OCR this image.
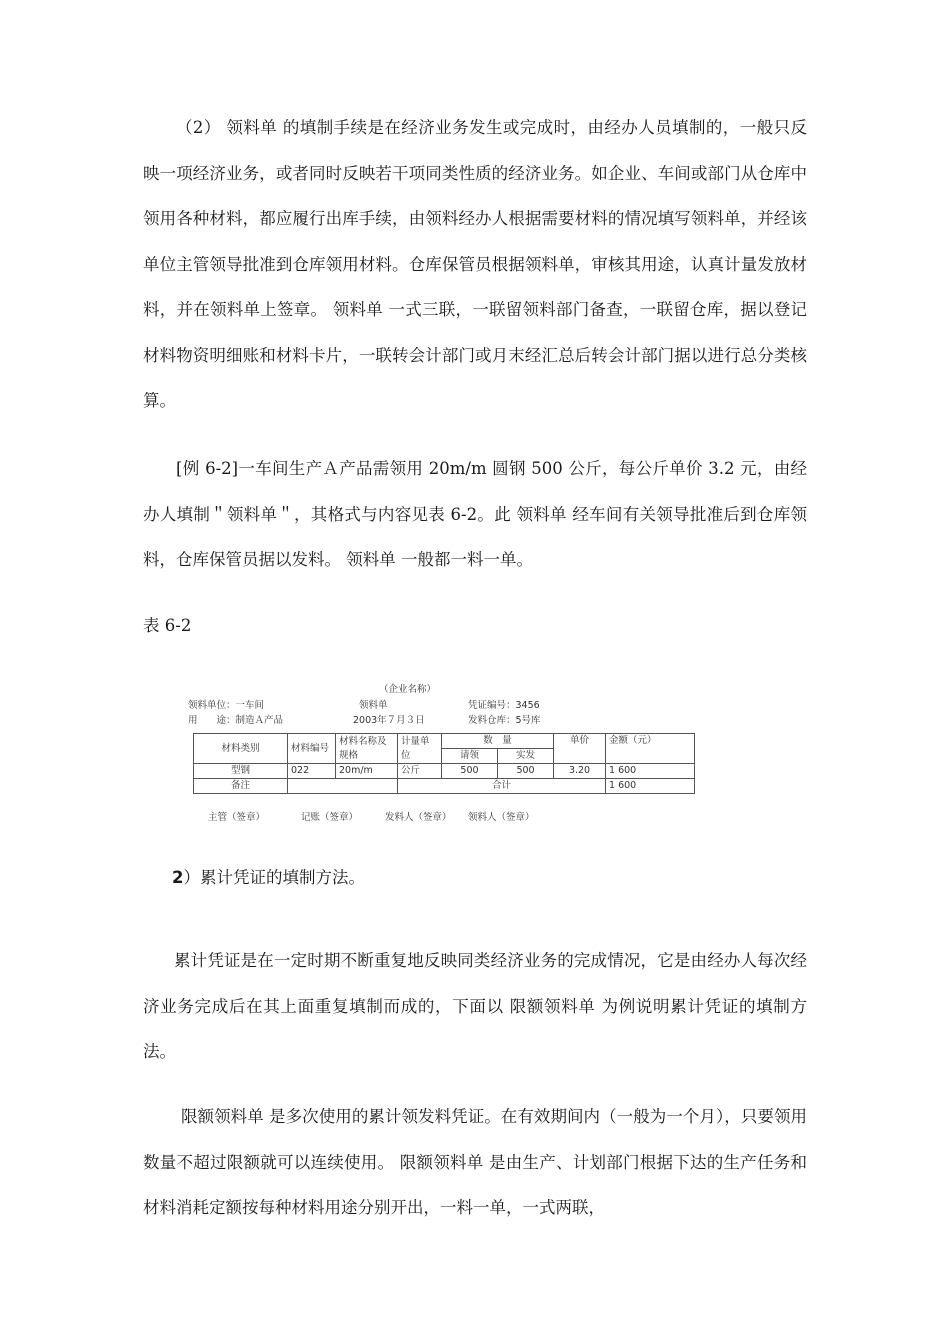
（2） 领料单 的填制手续是在经济业务发生或完成时，由经办人员填制的，一般只反映一项经济业务，或者同时反映若干项同类性质的经济业务。如企业、车间或部门从仓库中领用各种材料，都应履行出库手续，由领料经办人根据需要材料的情况填写领料单，并经该单位主管领导批准到仓库领用材料。仓库保管员根据领料单，审核其用途，认真计量发放材料，并在领料单上签章。 领料单 一式三联，一联留领料部门备查，一联留仓库，据以登记材料物资明细账和材料卡片，一联转会计部门或月末经汇总后转会计部门据以进行总分类核算。

[例 6-2]一车间生产Ａ产品需领用 20m/m 圆钢 500 公斤，每公斤单价 3.2 元，由经办人填制＂领料单＂，其格式与内容见表 6-2。此 领料单 经车间有关领导批准后到仓库领料，仓库保管员据以发料。 领料单 一般都一料一单。

表 6-2

（企业名称）
领料单位：一车间	领料单	凭证编号：3456
用　　途：制造Ａ产品	2003年７月３日	发料仓库：5号库
材料类别	材料编号	材料名称及规格	计量单位	数　量		单价	金额（元）
				请领	实发		
型钢	022	20m/m	公斤	500	500	3.20	1 600
备注			合计				1 600
主管（签章）	记账（签章）	发料人（签章） 领料人（签章）

2）累计凭证的填制方法。

累计凭证是在一定时期不断重复地反映同类经济业务的完成情况，它是由经办人每次经济业务完成后在其上面重复填制而成的，下面以 限额领料单 为例说明累计凭证的填制方法。

限额领料单 是多次使用的累计领发料凭证。在有效期间内（一般为一个月），只要领用数量不超过限额就可以连续使用。 限额领料单 是由生产、计划部门根据下达的生产任务和材料消耗定额按每种材料用途分别开出，一料一单，一式两联，
